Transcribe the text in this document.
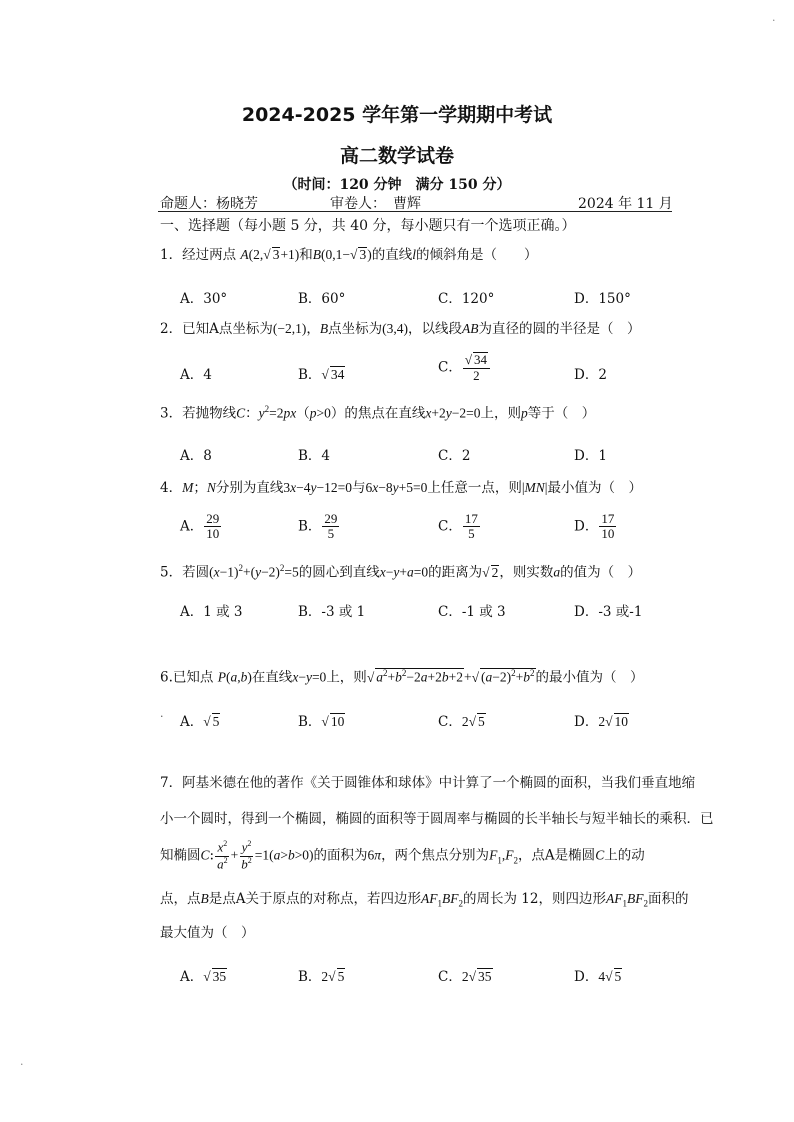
·
·
2024-2025 学年第一学期期中考试
高二数学试卷
（时间：120 分钟　满分 150 分）
命题人：杨晓芳	审卷人：　曹辉	2024 年 11 月
一、选择题（每小题 5 分，共 40 分，每小题只有一个选项正确。）
1．经过两点 A(2,√ 3+1)和B(0,1−√ 3)的直线l的倾斜角是（　　）
A．30°	B．60°	C．120°	D．150°
2．已知A点坐标为(−2,1)，B点坐标为(3,4)，以线段AB为直径的圆的半径是（　）
A．4	B．√ 34	C．
√ $\frac{34}{2}$	D．2
3．若抛物线C：$y^2=2px(p>0)$的焦点在直线x+2y−2=0上，则p等于（　）
A．8	B．4	C．2	D．1
4．M；N分别为直线3x−4y−12=0与6x−8y+5=0上任意一点，则|MN|最小值为（　）
A． $\frac{29}{10}$	B． $\frac{29}{5}$	C． $\frac{17}{5}$	D． $\frac{17}{10}$
5．若圆$(x-1)^2+(y-2)^2=5$的圆心到直线x−y+a=0的距离为√ 2，则实数a的值为（　）
A．1 或 3	B．-3 或 1	C．-1 或 3	D．-3 或-1
6.已知点 P(a,b)在直线x−y=0上，则√ $a^2+b^2-2a+2b+2+√$ $(a-2)^2+b^2$的最小值为（　）
· A．√ 5	B．√ 10	C．2√ 5	D．2√ 10
7．阿基米德在他的著作《关于圆锥体和球体》中计算了一个椭圆的面积，当我们垂直地缩
小一个圆时，得到一个椭圆，椭圆的面积等于圆周率与椭圆的长半轴长与短半轴长的乘积．已
知椭圆C: $\frac{x^2}{a^2} + \frac{y^2}{b^2} =1(a>b>0)$的面积为6π，两个焦点分别为$F_1,F_2$，点A是椭圆C上的动
点，点B是点A关于原点的对称点，若四边形$AF_1BF_2$的周长为 12，则四边形$AF_1BF_2$面积的
最大值为（　）
A．√ 35	B．2√ 5	C．2√ 35	D．4√ 5
